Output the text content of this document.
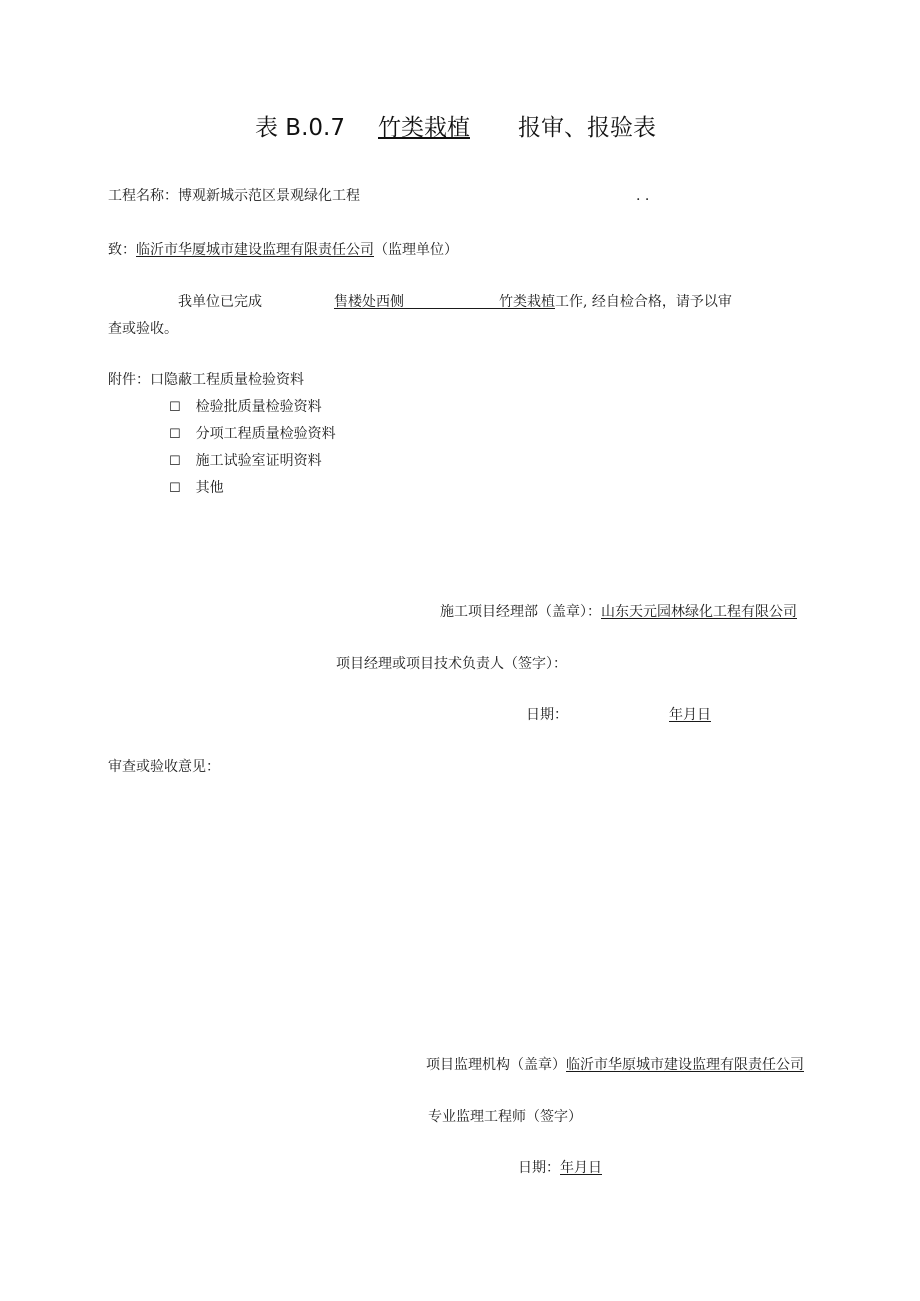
表 B.0.7 竹类栽植 报审、报验表
工程名称：博观新城示范区景观绿化工程	. .
致：临沂市华厦城市建设监理有限责任公司（监理单位）
我单位已完成	售楼处西侧	竹类栽植工作, 经自检合格，请予以审
查或验收。
附件：口隐蔽工程质量检验资料
☐ 检验批质量检验资料
☐ 分项工程质量检验资料
☐ 施工试验室证明资料
☐ 其他
施工项目经理部（盖章）：山东天元园林绿化工程有限公司
项目经理或项目技术负责人（签字）：
日期：	年月日
审查或验收意见：
项目监理机构（盖章）临沂市华原城市建设监理有限责任公司
专业监理工程师（签字）
日期：年月日
